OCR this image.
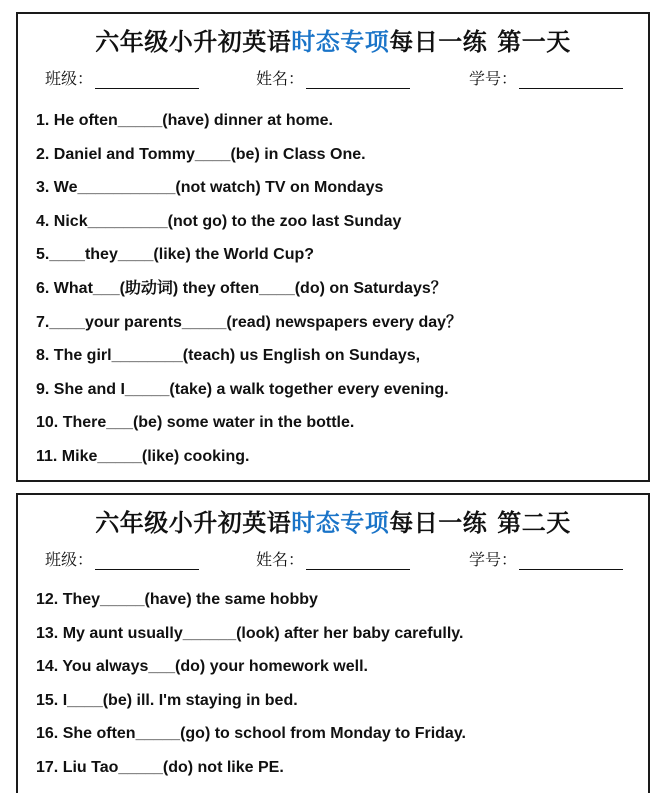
六年级小升初英语时态专项每日一练 第一天
班级：	姓名：	学号：
1. He often_____(have) dinner at home.
2. Daniel and Tommy____(be) in Class One.
3. We___________(not watch) TV on Mondays
4. Nick_________(not go) to the zoo last Sunday
5.____they____(like) the World Cup?
6. What___(助动词) they often____(do) on Saturdays？
7.____your parents_____(read) newspapers every day？
8. The girl________(teach) us English on Sundays,
9. She and I_____(take) a walk together every evening.
10. There___(be) some water in the bottle.
11. Mike_____(like) cooking.
六年级小升初英语时态专项每日一练 第二天
班级：	姓名：	学号：
12. They_____(have) the same hobby
13. My aunt usually______(look) after her baby carefully.
14. You always___(do) your homework well.
15. I____(be) ill. I'm staying in bed.
16. She often_____(go) to school from Monday to Friday.
17. Liu Tao_____(do) not like PE.
